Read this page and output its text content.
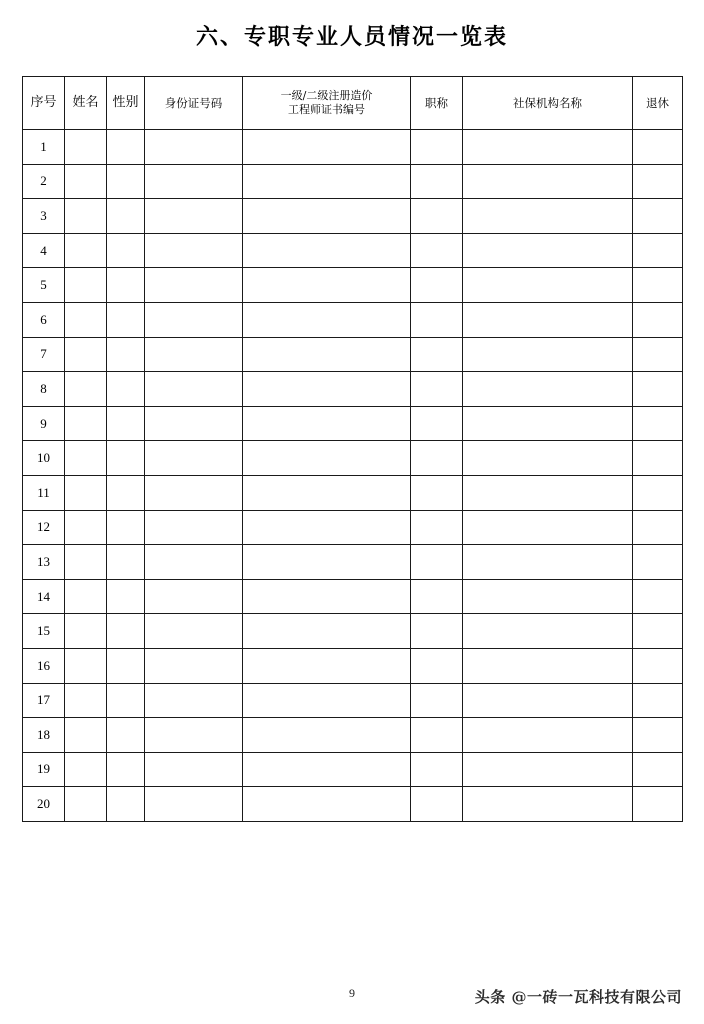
六、专职专业人员情况一览表
序号	姓名	性别	身份证号码	一级/二级注册造价
工程师证书编号	职称	社保机构名称	退休
1							
2							
3							
4							
5							
6							
7							
8							
9							
10							
11							
12							
13							
14							
15							
16							
17							
18							
19							
20							
9	头条 @一砖一瓦科技有限公司
